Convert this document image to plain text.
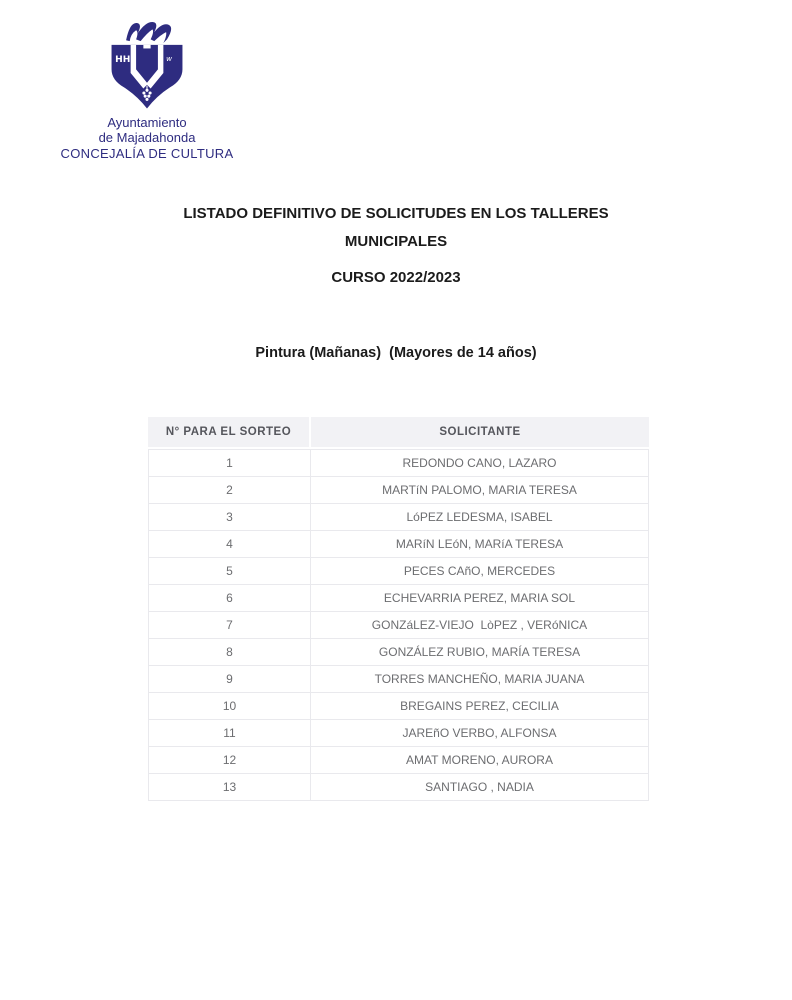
HH	w
Ayuntamiento
de Majadahonda
CONCEJALÍA DE CULTURA
LISTADO DEFINITIVO DE SOLICITUDES EN LOS TALLERES
MUNICIPALES
CURSO 2022/2023
Pintura (Mañanas)  (Mayores de 14 años)
N° PARA EL SORTEO	SOLICITANTE
1	REDONDO CANO, LAZARO
2	MARTíN PALOMO, MARIA TERESA
3	LóPEZ LEDESMA, ISABEL
4	MARíN LEóN, MARíA TERESA
5	PECES CAñO, MERCEDES
6	ECHEVARRIA PEREZ, MARIA SOL
7	GONZáLEZ-VIEJO  LòPEZ , VERóNICA
8	GONZÁLEZ RUBIO, MARÍA TERESA
9	TORRES MANCHEÑO, MARIA JUANA
10	BREGAINS PEREZ, CECILIA
11	JAREñO VERBO, ALFONSA
12	AMAT MORENO, AURORA
13	SANTIAGO , NADIA
